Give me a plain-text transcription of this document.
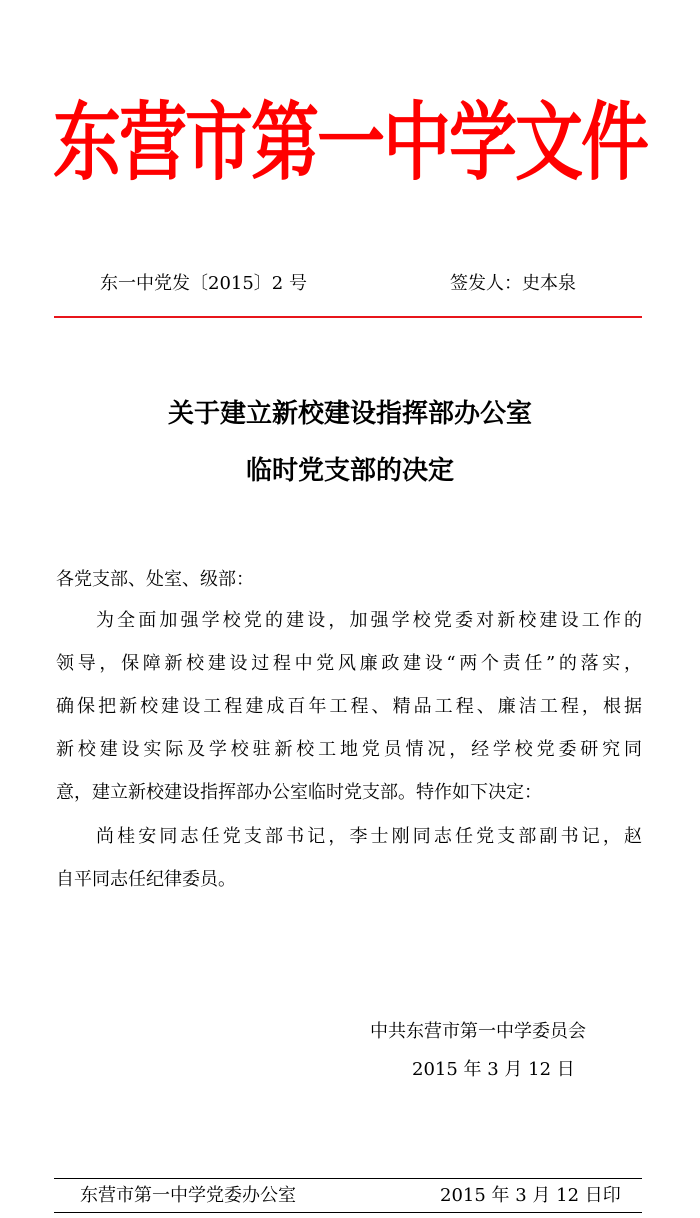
东营市第一中学文件
东一中党发〔2015〕2 号	签发人：史本泉
关于建立新校建设指挥部办公室
临时党支部的决定
各党支部、处室、级部：
为全面加强学校党的建设，加强学校党委对新校建设工作的
领导，保障新校建设过程中党风廉政建设“两个责任”的落实，
确保把新校建设工程建成百年工程、精品工程、廉洁工程，根据
新校建设实际及学校驻新校工地党员情况，经学校党委研究同
意，建立新校建设指挥部办公室临时党支部。特作如下决定：
尚桂安同志任党支部书记，李士刚同志任党支部副书记，赵
自平同志任纪律委员。
中共东营市第一中学委员会
2015 年 3 月 12 日
东营市第一中学党委办公室	2015 年 3 月 12 日印
